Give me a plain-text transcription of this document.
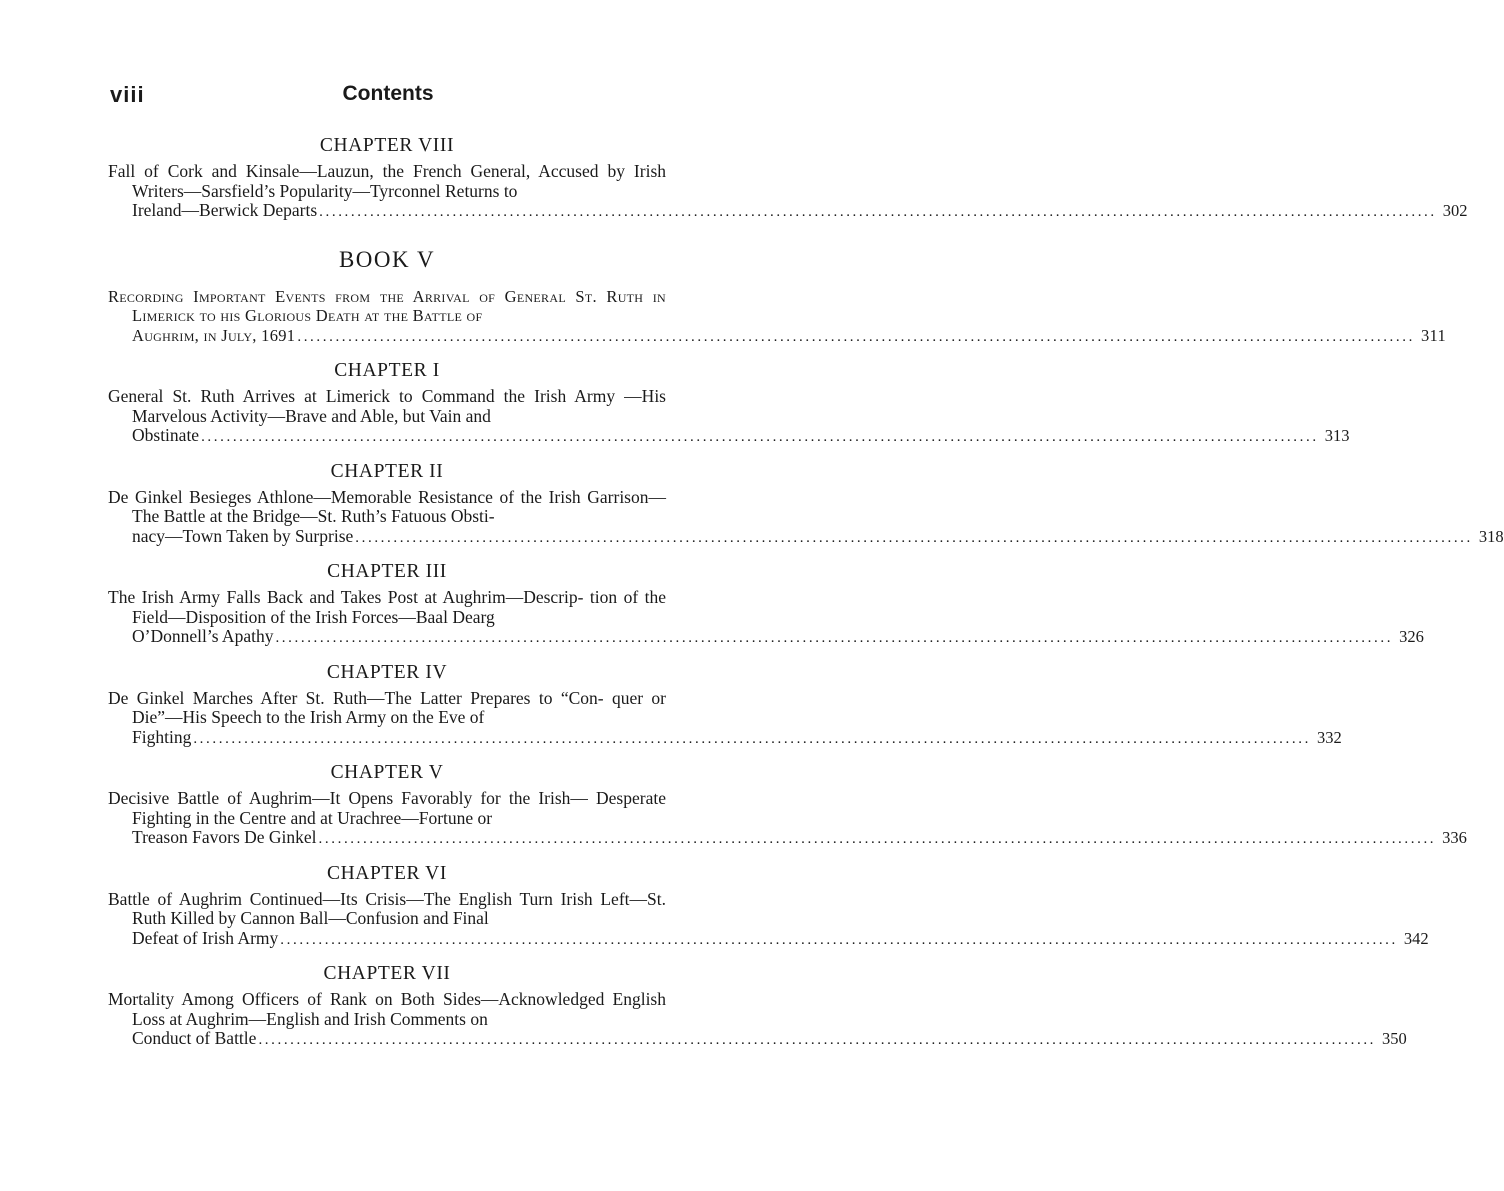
viii	Contents
CHAPTER VIII
Fall of Cork and Kinsale—Lauzun, the French General, Accused by Irish Writers—Sarsfield’s Popularity—Tyrconnel Returns to
Ireland—Berwick Departs ................................................................................................................................................................................ 302
BOOK V
Recording Important Events from the Arrival of General St. Ruth in Limerick to his Glorious Death at the Battle of
Aughrim, in July, 1691 ................................................................................................................................................................................ 311
CHAPTER I
General St. Ruth Arrives at Limerick to Command the Irish Army —His Marvelous Activity—Brave and Able, but Vain and
Obstinate ................................................................................................................................................................................ 313
CHAPTER II
De Ginkel Besieges Athlone—Memorable Resistance of the Irish Garrison—The Battle at the Bridge—St. Ruth’s Fatuous Obsti-
nacy—Town Taken by Surprise ................................................................................................................................................................................ 318
CHAPTER III
The Irish Army Falls Back and Takes Post at Aughrim—Descrip- tion of the Field—Disposition of the Irish Forces—Baal Dearg
O’Donnell’s Apathy ................................................................................................................................................................................ 326
CHAPTER IV
De Ginkel Marches After St. Ruth—The Latter Prepares to “Con- quer or Die”—His Speech to the Irish Army on the Eve of
Fighting ................................................................................................................................................................................ 332
CHAPTER V
Decisive Battle of Aughrim—It Opens Favorably for the Irish— Desperate Fighting in the Centre and at Urachree—Fortune or
Treason Favors De Ginkel ................................................................................................................................................................................ 336
CHAPTER VI
Battle of Aughrim Continued—Its Crisis—The English Turn Irish Left—St. Ruth Killed by Cannon Ball—Confusion and Final
Defeat of Irish Army ................................................................................................................................................................................ 342
CHAPTER VII
Mortality Among Officers of Rank on Both Sides—Acknowledged English Loss at Aughrim—English and Irish Comments on
Conduct of Battle ................................................................................................................................................................................ 350
